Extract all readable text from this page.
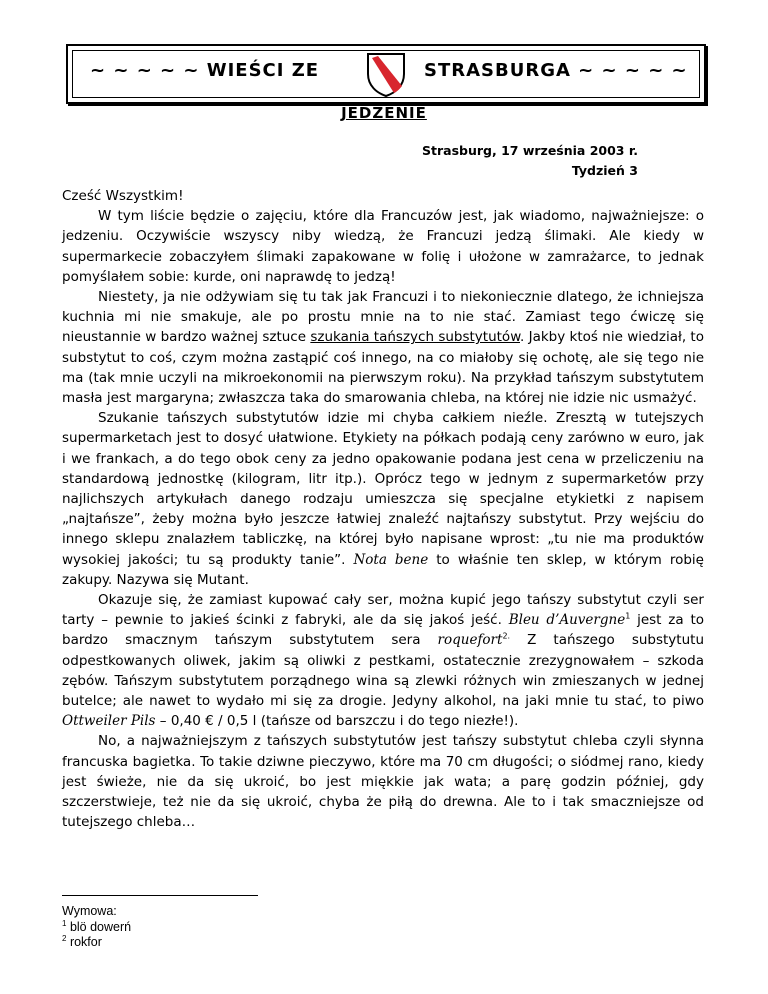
~ ~ ~ ~ ~ WIEŚCI ZE	STRASBURGA ~ ~ ~ ~ ~
JEDZENIE
Strasburg, 17 września 2003 r.
Tydzień 3

Cześć Wszystkim!

W tym liście będzie o zajęciu, które dla Francuzów jest, jak wiadomo, najważniejsze: o jedzeniu. Oczywiście wszyscy niby wiedzą, że Francuzi jedzą ślimaki. Ale kiedy w supermarkecie zobaczyłem ślimaki zapakowane w folię i ułożone w zamrażarce, to jednak pomyślałem sobie: kurde, oni naprawdę to jedzą!

Niestety, ja nie odżywiam się tu tak jak Francuzi i to niekoniecznie dlatego, że ichniejsza kuchnia mi nie smakuje, ale po prostu mnie na to nie stać. Zamiast tego ćwiczę się nieustannie w bardzo ważnej sztuce szukania tańszych substytutów. Jakby ktoś nie wiedział, to substytut to coś, czym można zastąpić coś innego, na co miałoby się ochotę, ale się tego nie ma (tak mnie uczyli na mikroekonomii na pierwszym roku). Na przykład tańszym substytutem masła jest margaryna; zwłaszcza taka do smarowania chleba, na której nie idzie nic usmażyć.

Szukanie tańszych substytutów idzie mi chyba całkiem nieźle. Zresztą w tutejszych supermarketach jest to dosyć ułatwione. Etykiety na półkach podają ceny zarówno w euro, jak i we frankach, a do tego obok ceny za jedno opakowanie podana jest cena w przeliczeniu na standardową jednostkę (kilogram, litr itp.). Oprócz tego w jednym z supermarketów przy najlichszych artykułach danego rodzaju umieszcza się specjalne etykietki z napisem „najtańsze”, żeby można było jeszcze łatwiej znaleźć najtańszy substytut. Przy wejściu do innego sklepu znalazłem tabliczkę, na której było napisane wprost: „tu nie ma produktów wysokiej jakości; tu są produkty tanie”. Nota bene to właśnie ten sklep, w którym robię zakupy. Nazywa się Mutant.

Okazuje się, że zamiast kupować cały ser, można kupić jego tańszy substytut czyli ser tarty – pewnie to jakieś ścinki z fabryki, ale da się jakoś jeść. Bleu d’Auvergne$^1$ jest za to bardzo smacznym tańszym substytutem sera roquefort$^{2.}$ Z tańszego substytutu odpestkowanych oliwek, jakim są oliwki z pestkami, ostatecznie zrezygnowałem – szkoda zębów. Tańszym substytutem porządnego wina są zlewki różnych win zmieszanych w jednej butelce; ale nawet to wydało mi się za drogie. Jedyny alkohol, na jaki mnie tu stać, to piwo Ottweiler Pils – 0,40 € / 0,5 l (tańsze od barszczu i do tego niezłe!).

No, a najważniejszym z tańszych substytutów jest tańszy substytut chleba czyli słynna francuska bagietka. To takie dziwne pieczywo, które ma 70 cm długości; o siódmej rano, kiedy jest świeże, nie da się ukroić, bo jest miękkie jak wata; a parę godzin później, gdy szczerstwieje, też nie da się ukroić, chyba że piłą do drewna. Ale to i tak smaczniejsze od tutejszego chleba…

Wymowa:
$^1$ blö dowerń
$^2$ rokfor
